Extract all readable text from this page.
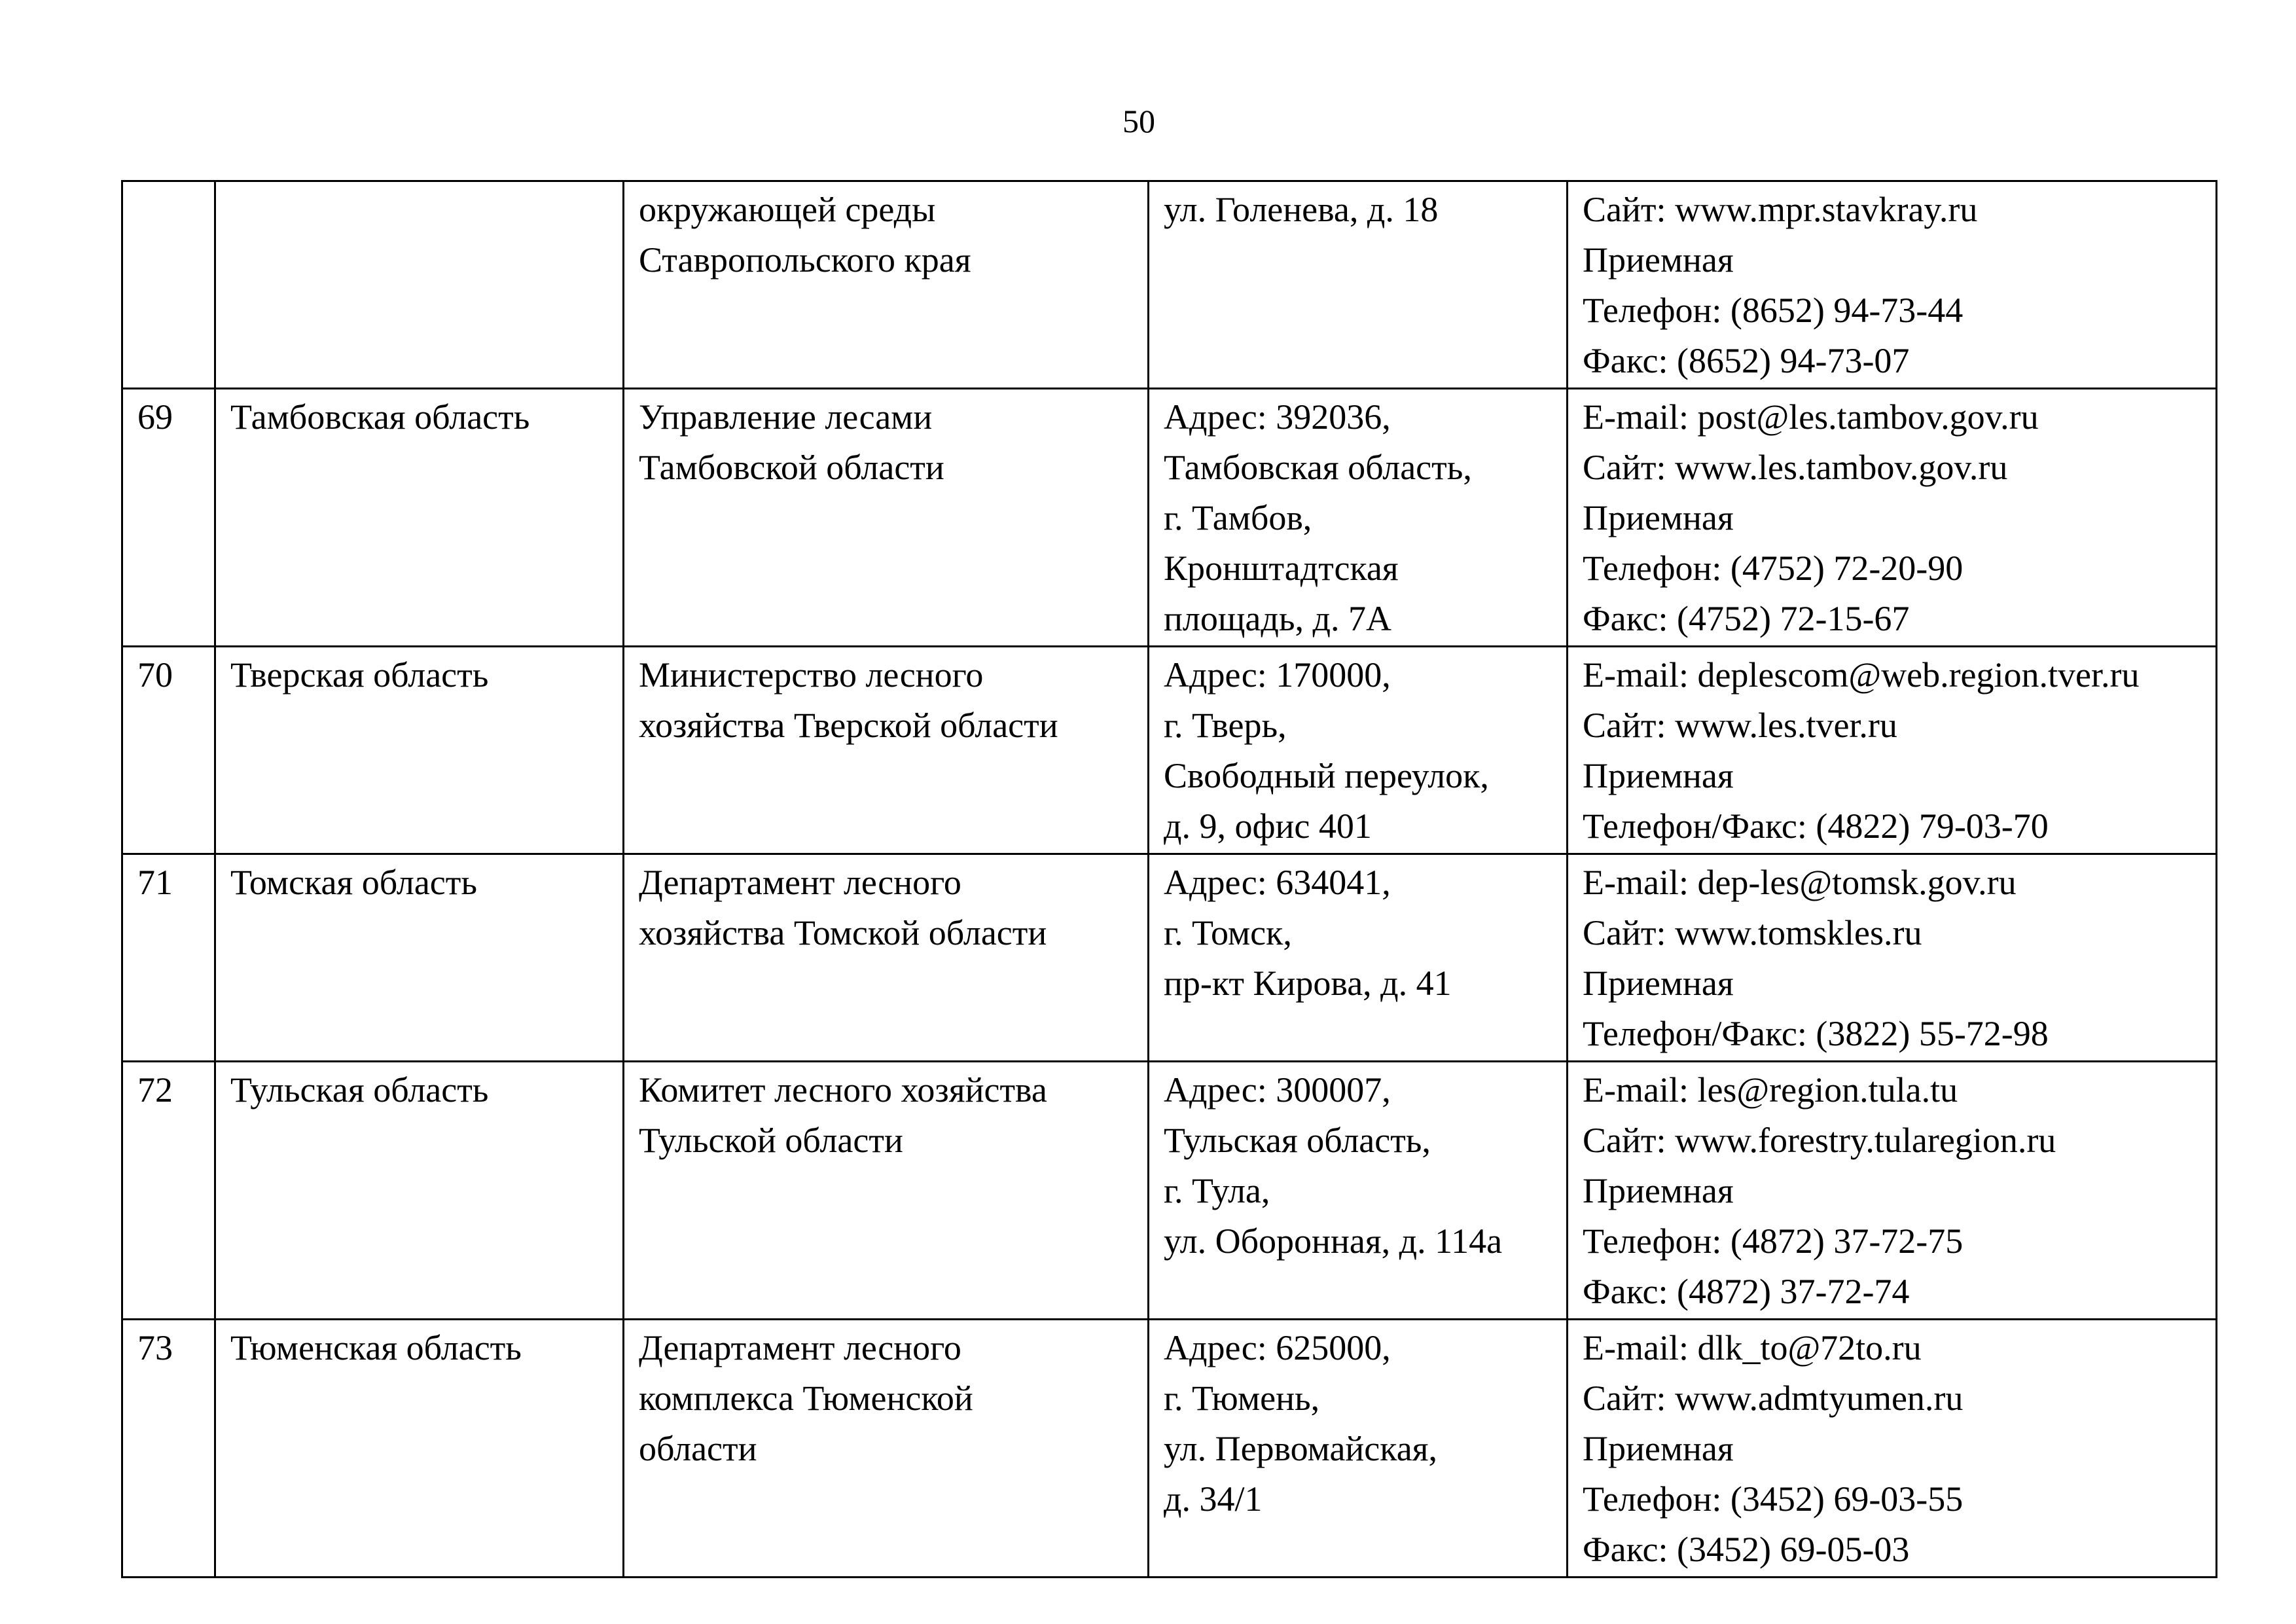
50

		окружающей среды
Ставропольского края	ул. Голенева, д. 18	Сайт: www.mpr.stavkray.ru
Приемная
Телефон: (8652) 94-73-44
Факс: (8652) 94-73-07

69	Тамбовская область	Управление лесами
Тамбовской области	Адрес: 392036,
Тамбовская область,
г. Тамбов,
Кронштадтская
площадь, д. 7А	E-mail: post@les.tambov.gov.ru
Сайт: www.les.tambov.gov.ru
Приемная
Телефон: (4752) 72-20-90
Факс: (4752) 72-15-67

70	Тверская область	Министерство лесного
хозяйства Тверской области	Адрес: 170000,
г. Тверь,
Свободный переулок,
д. 9, офис 401	E-mail: deplescom@web.region.tver.ru
Сайт: www.les.tver.ru
Приемная
Телефон/Факс: (4822) 79-03-70

71	Томская область	Департамент лесного
хозяйства Томской области	Адрес: 634041,
г. Томск,
пр-кт Кирова, д. 41	E-mail: dep-les@tomsk.gov.ru
Сайт: www.tomskles.ru
Приемная
Телефон/Факс: (3822) 55-72-98

72	Тульская область	Комитет лесного хозяйства
Тульской области	Адрес: 300007,
Тульская область,
г. Тула,
ул. Оборонная, д. 114а	E-mail: les@region.tula.tu
Сайт: www.forestry.tularegion.ru
Приемная
Телефон: (4872) 37-72-75
Факс: (4872) 37-72-74

73	Тюменская область	Департамент лесного
комплекса Тюменской
области	Адрес: 625000,
г. Тюмень,
ул. Первомайская,
д. 34/1	E-mail: dlk_to@72to.ru
Сайт: www.admtyumen.ru
Приемная
Телефон: (3452) 69-03-55
Факс: (3452) 69-05-03
